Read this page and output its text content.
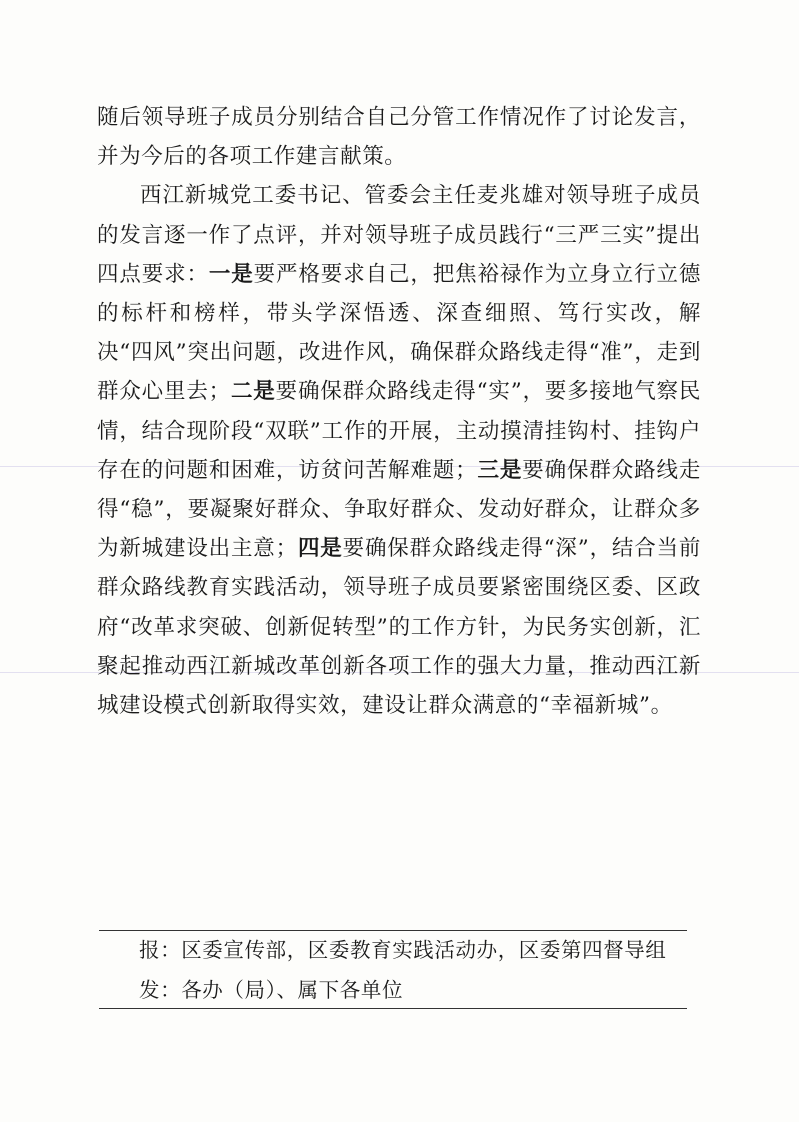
随后领导班子成员分别结合自己分管工作情况作了讨论发言，并为今后的各项工作建言献策。

西江新城党工委书记、管委会主任麦兆雄对领导班子成员的发言逐一作了点评，并对领导班子成员践行“三严三实”提出四点要求：一是要严格要求自己，把焦裕禄作为立身立行立德的标杆和榜样，带头学深悟透、深查细照、笃行实改，解决“四风”突出问题，改进作风，确保群众路线走得“准”，走到群众心里去；二是要确保群众路线走得“实”，要多接地气察民情，结合现阶段“双联”工作的开展，主动摸清挂钩村、挂钩户存在的问题和困难，访贫问苦解难题；三是要确保群众路线走得“稳”，要凝聚好群众、争取好群众、发动好群众，让群众多为新城建设出主意；四是要确保群众路线走得“深”，结合当前群众路线教育实践活动，领导班子成员要紧密围绕区委、区政府“改革求突破、创新促转型”的工作方针，为民务实创新，汇聚起推动西江新城改革创新各项工作的强大力量，推动西江新城建设模式创新取得实效，建设让群众满意的“幸福新城”。

报：区委宣传部，区委教育实践活动办，区委第四督导组
发：各办（局）、属下各单位
